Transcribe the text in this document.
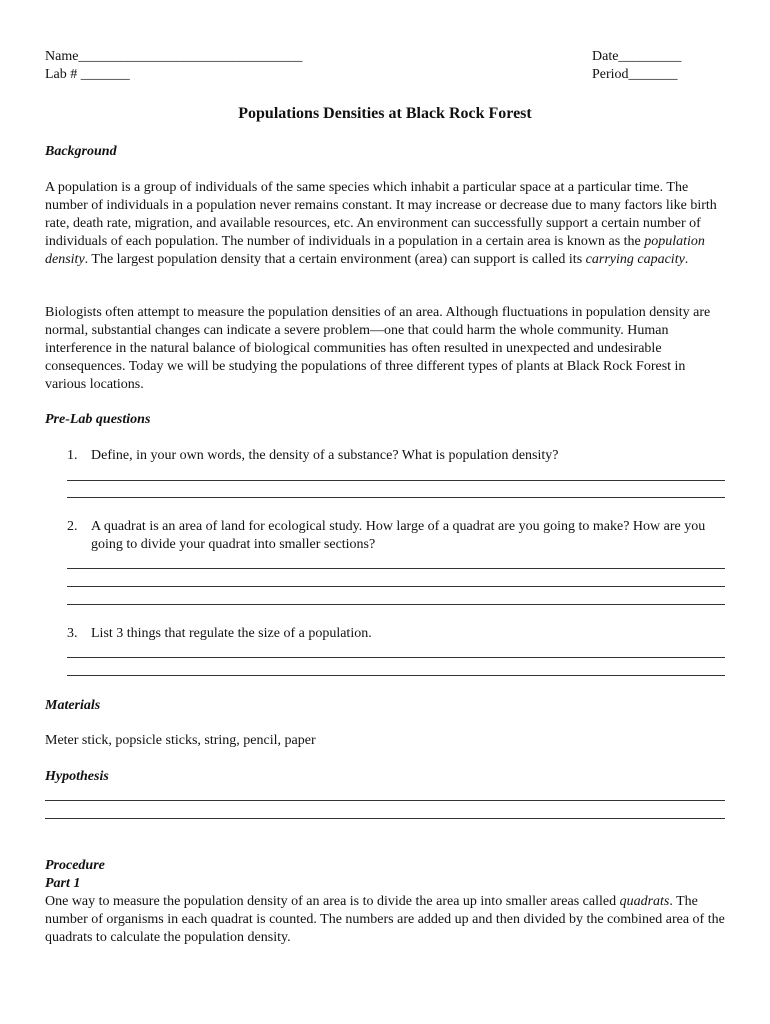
Name________________________________
Lab # _______
Date_________
Period_______
Populations Densities at Black Rock Forest
Background

A population is a group of individuals of the same species which inhabit a particular space at a particular time. The number of individuals in a population never remains constant. It may increase or decrease due to many factors like birth rate, death rate, migration, and available resources, etc. An environment can successfully support a certain number of individuals of each population. The number of individuals in a population in a certain area is known as the population density. The largest population density that a certain environment (area) can support is called its carrying capacity.

Biologists often attempt to measure the population densities of an area. Although fluctuations in population density are normal, substantial changes can indicate a severe problem—one that could harm the whole community. Human interference in the natural balance of biological communities has often resulted in unexpected and undesirable consequences. Today we will be studying the populations of three different types of plants at Black Rock Forest in various locations.

Pre-Lab questions
1. Define, in your own words, the density of a substance? What is population density?
2. A quadrat is an area of land for ecological study. How large of a quadrat are you going to make? How are you going to divide your quadrat into smaller sections?
3. List 3 things that regulate the size of a population.
Materials
Meter stick, popsicle sticks, string, pencil, paper
Hypothesis
Procedure
Part 1

One way to measure the population density of an area is to divide the area up into smaller areas called quadrats. The number of organisms in each quadrat is counted. The numbers are added up and then divided by the combined area of the quadrats to calculate the population density.
